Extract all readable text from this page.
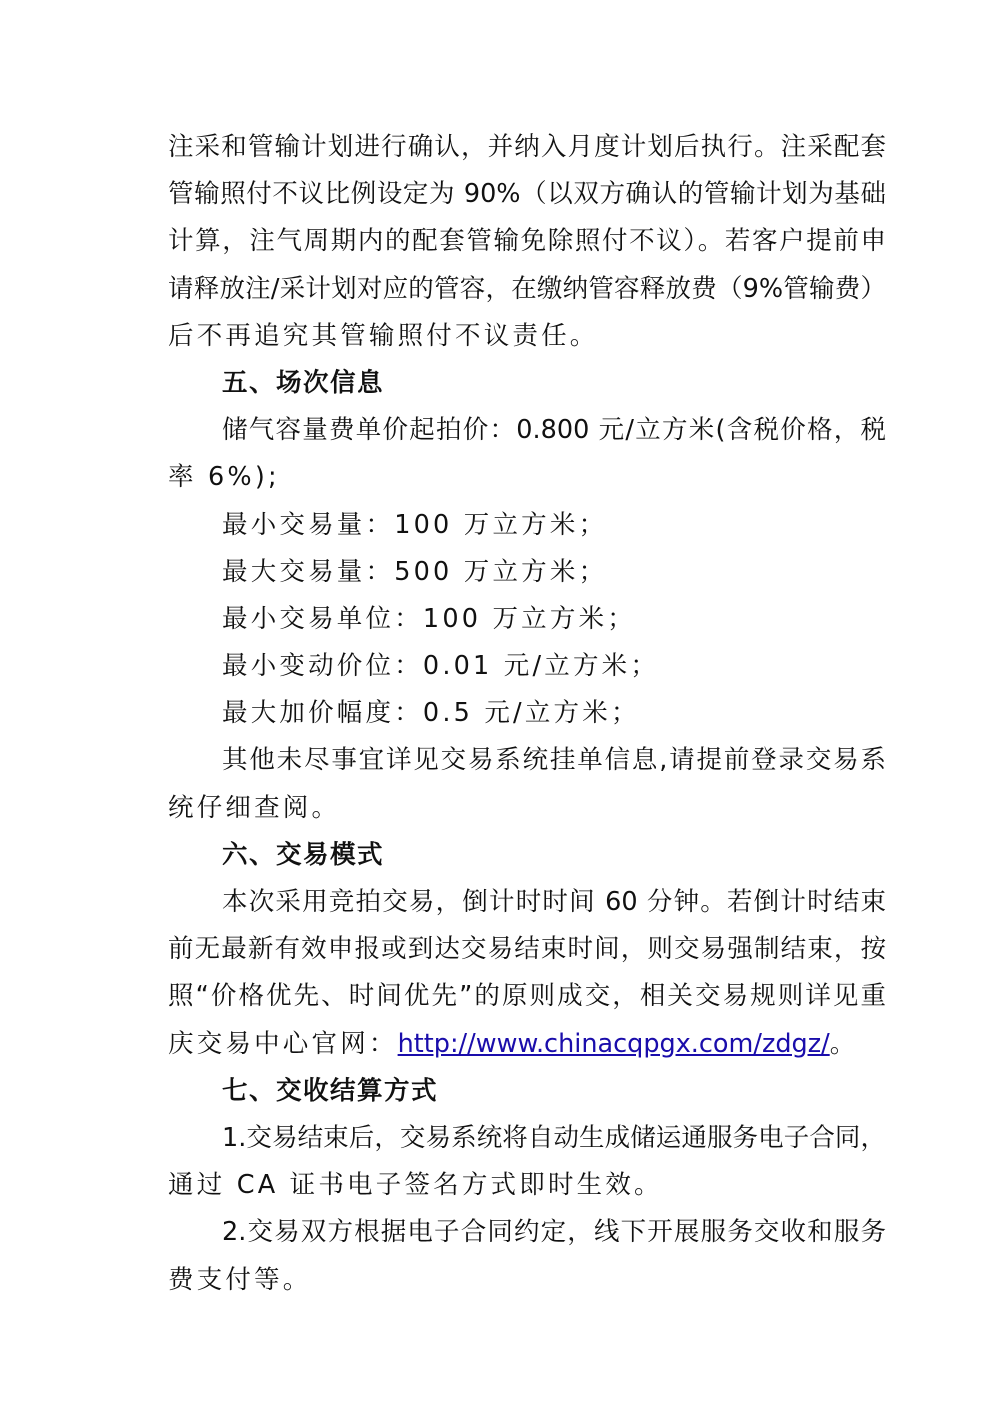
注采和管输计划进行确认，并纳入月度计划后执行。注采配套
管输照付不议比例设定为 90%（以双方确认的管输计划为基础
计算，注气周期内的配套管输免除照付不议）。若客户提前申
请释放注/采计划对应的管容，在缴纳管容释放费（9%管输费）
后不再追究其管输照付不议责任。
五、场次信息
储气容量费单价起拍价：0.800 元/立方米(含税价格，税
率 6%);
最小交易量：100 万立方米；
最大交易量：500 万立方米；
最小交易单位：100 万立方米；
最小变动价位：0.01 元/立方米；
最大加价幅度：0.5 元/立方米；
其他未尽事宜详见交易系统挂单信息,请提前登录交易系
统仔细查阅。
六、交易模式
本次采用竞拍交易，倒计时时间 60 分钟。若倒计时结束
前无最新有效申报或到达交易结束时间，则交易强制结束，按
照“价格优先、时间优先”的原则成交，相关交易规则详见重
庆交易中心官网：http://www.chinacqpgx.com/zdgz/。
七、交收结算方式
1.交易结束后，交易系统将自动生成储运通服务电子合同，
通过 CA 证书电子签名方式即时生效。
2.交易双方根据电子合同约定，线下开展服务交收和服务
费支付等。
